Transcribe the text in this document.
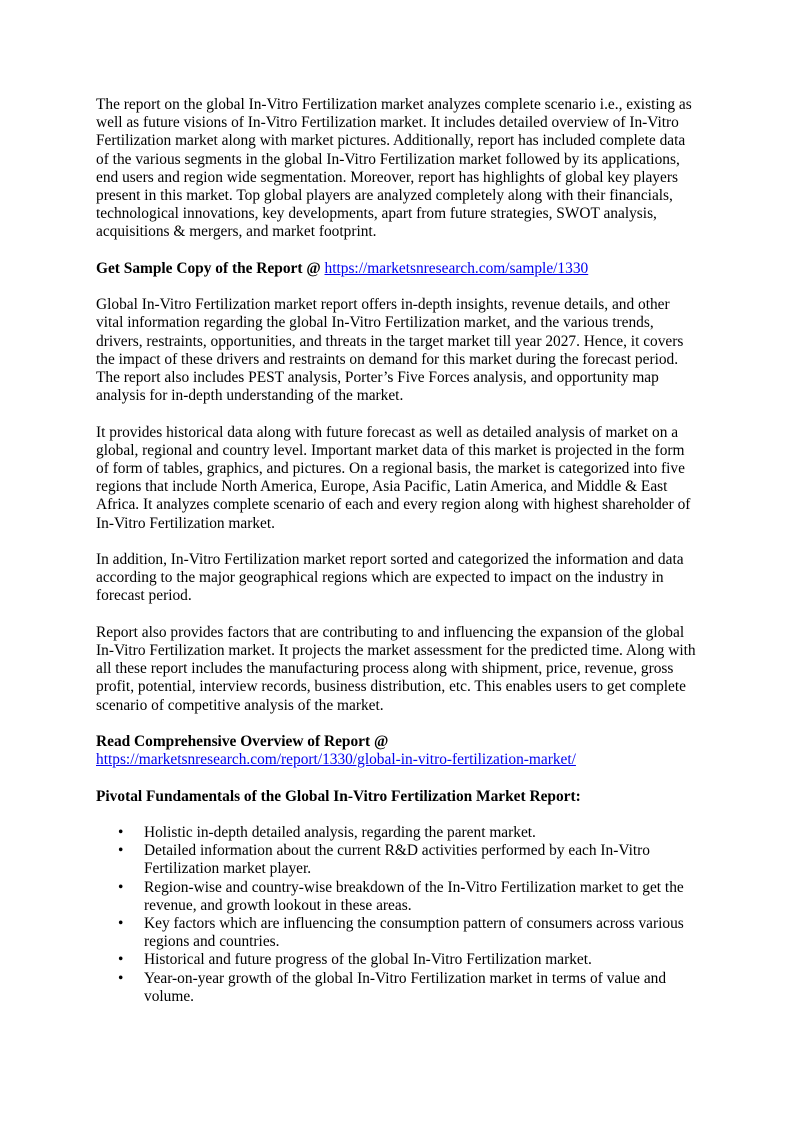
The report on the global In-Vitro Fertilization market analyzes complete scenario i.e., existing as well as future visions of In-Vitro Fertilization market. It includes detailed overview of In-Vitro Fertilization market along with market pictures. Additionally, report has included complete data of the various segments in the global In-Vitro Fertilization market followed by its applications, end users and region wide segmentation. Moreover, report has highlights of global key players present in this market. Top global players are analyzed completely along with their financials, technological innovations, key developments, apart from future strategies, SWOT analysis, acquisitions & mergers, and market footprint.

Get Sample Copy of the Report @ https://marketsnresearch.com/sample/1330

Global In-Vitro Fertilization market report offers in-depth insights, revenue details, and other vital information regarding the global In-Vitro Fertilization market, and the various trends, drivers, restraints, opportunities, and threats in the target market till year 2027. Hence, it covers the impact of these drivers and restraints on demand for this market during the forecast period. The report also includes PEST analysis, Porter’s Five Forces analysis, and opportunity map analysis for in-depth understanding of the market.

It provides historical data along with future forecast as well as detailed analysis of market on a global, regional and country level. Important market data of this market is projected in the form of form of tables, graphics, and pictures. On a regional basis, the market is categorized into five regions that include North America, Europe, Asia Pacific, Latin America, and Middle & East Africa. It analyzes complete scenario of each and every region along with highest shareholder of In-Vitro Fertilization market.

In addition, In-Vitro Fertilization market report sorted and categorized the information and data according to the major geographical regions which are expected to impact on the industry in forecast period.

Report also provides factors that are contributing to and influencing the expansion of the global In-Vitro Fertilization market. It projects the market assessment for the predicted time. Along with all these report includes the manufacturing process along with shipment, price, revenue, gross profit, potential, interview records, business distribution, etc. This enables users to get complete scenario of competitive analysis of the market.

Read Comprehensive Overview of Report @
https://marketsnresearch.com/report/1330/global-in-vitro-fertilization-market/

Pivotal Fundamentals of the Global In-Vitro Fertilization Market Report:

• Holistic in-depth detailed analysis, regarding the parent market.
• Detailed information about the current R&D activities performed by each In-Vitro Fertilization market player.
• Region-wise and country-wise breakdown of the In-Vitro Fertilization market to get the revenue, and growth lookout in these areas.
• Key factors which are influencing the consumption pattern of consumers across various regions and countries.
• Historical and future progress of the global In-Vitro Fertilization market.
• Year-on-year growth of the global In-Vitro Fertilization market in terms of value and volume.
